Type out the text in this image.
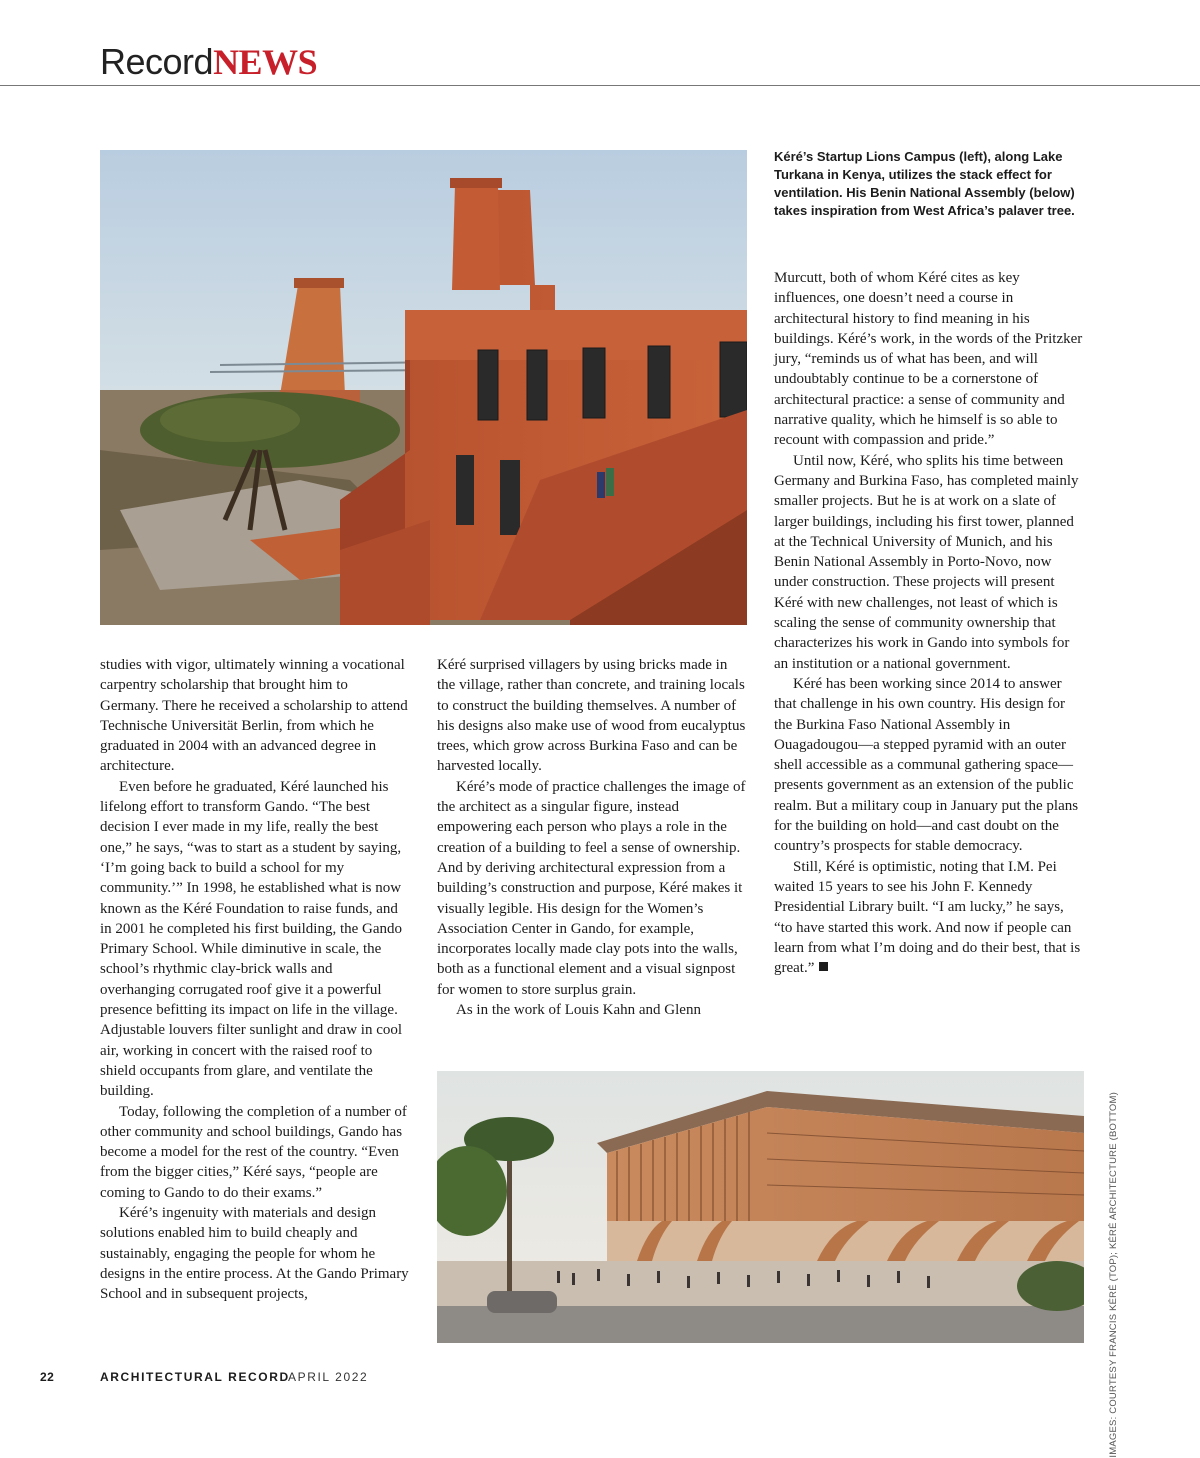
RecordNEWS
Kéré’s Startup Lions Campus (left), along Lake Turkana in Kenya, utilizes the stack effect for ventilation. His Benin National Assembly (below) takes inspiration from West Africa’s palaver tree.

studies with vigor, ultimately winning a vocational carpentry scholarship that brought him to Germany. There he received a scholarship to attend Technische Universität Berlin, from which he graduated in 2004 with an advanced degree in architecture.

Even before he graduated, Kéré launched his lifelong effort to transform Gando. “The best decision I ever made in my life, really the best one,” he says, “was to start as a student by saying, ‘I’m going back to build a school for my community.’” In 1998, he established what is now known as the Kéré Foundation to raise funds, and in 2001 he completed his first building, the Gando Primary School. While diminutive in scale, the school’s rhythmic clay-brick walls and overhanging corrugated roof give it a powerful presence befitting its impact on life in the village. Adjustable louvers filter sunlight and draw in cool air, working in concert with the raised roof to shield occupants from glare, and ventilate the building.

Today, following the completion of a number of other community and school buildings, Gando has become a model for the rest of the country. “Even from the bigger cities,” Kéré says, “people are coming to Gando to do their exams.”

Kéré’s ingenuity with materials and design solutions enabled him to build cheaply and sustainably, engaging the people for whom he designs in the entire process. At the Gando Primary School and in subsequent projects,

Kéré surprised villagers by using bricks made in the village, rather than concrete, and training locals to construct the building themselves. A number of his designs also make use of wood from eucalyptus trees, which grow across Burkina Faso and can be harvested locally.

Kéré’s mode of practice challenges the image of the architect as a singular figure, instead empowering each person who plays a role in the creation of a building to feel a sense of ownership. And by deriving architectural expression from a building’s construction and purpose, Kéré makes it visually legible. His design for the Women’s Association Center in Gando, for example, incorporates locally made clay pots into the walls, both as a functional element and a visual signpost for women to store surplus grain.

As in the work of Louis Kahn and Glenn

Murcutt, both of whom Kéré cites as key influences, one doesn’t need a course in architectural history to find meaning in his buildings. Kéré’s work, in the words of the Pritzker jury, “reminds us of what has been, and will undoubtably continue to be a cornerstone of architectural practice: a sense of community and narrative quality, which he himself is so able to recount with compassion and pride.”

Until now, Kéré, who splits his time between Germany and Burkina Faso, has completed mainly smaller projects. But he is at work on a slate of larger buildings, including his first tower, planned at the Technical University of Munich, and his Benin National Assembly in Porto-Novo, now under construction. These projects will present Kéré with new challenges, not least of which is scaling the sense of community ownership that characterizes his work in Gando into symbols for an institution or a national government.

Kéré has been working since 2014 to answer that challenge in his own country. His design for the Burkina Faso National Assembly in Ouagadougou—a stepped pyramid with an outer shell accessible as a communal gathering space—presents government as an extension of the public realm. But a military coup in January put the plans for the building on hold—and cast doubt on the country’s prospects for stable democracy.

Still, Kéré is optimistic, noting that I.M. Pei waited 15 years to see his John F. Kennedy Presidential Library built. “I am lucky,” he says, “to have started this work. And now if people can learn from what I’m doing and do their best, that is great.”

IMAGES: COURTESY FRANCIS KÉRÉ (TOP); KÉRÉ ARCHITECTURE (BOTTOM)
22	ARCHITECTURAL RECORD
APRIL 2022
